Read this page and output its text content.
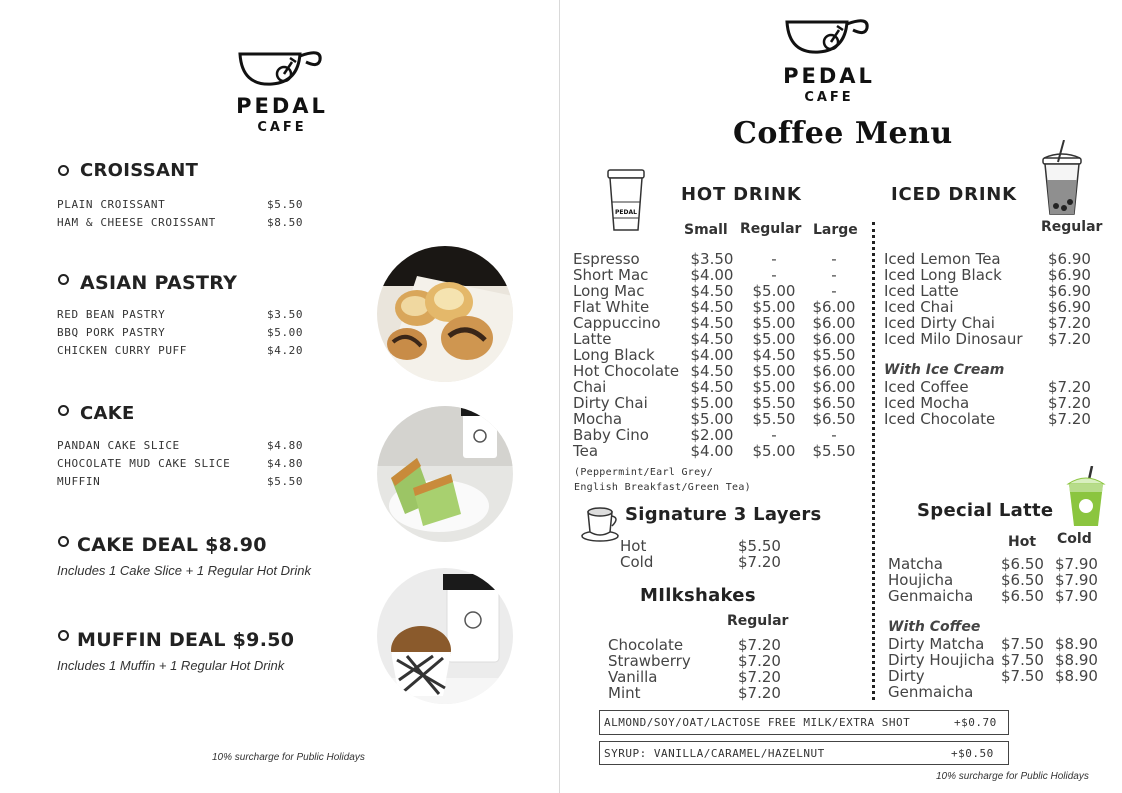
PEDAL
CAFE
CROISSANT
PLAIN CROISSANT	$5.50
HAM & CHEESE CROISSANT	$8.50
ASIAN PASTRY
RED BEAN PASTRY	$3.50
BBQ PORK PASTRY	$5.00
CHICKEN CURRY PUFF	$4.20
CAKE
PANDAN CAKE SLICE	$4.80
CHOCOLATE MUD CAKE SLICE	$4.80
MUFFIN	$5.50
CAKE DEAL $8.90
Includes 1 Cake Slice + 1 Regular Hot Drink
MUFFIN DEAL $9.50
Includes 1 Muffin + 1 Regular Hot Drink
10% surcharge for Public Holidays
PEDAL
CAFE
Coffee Menu
PEDAL
HOT DRINK
Small Regular Large
Espresso	$3.50	-	-
Short Mac	$4.00	-	-
Long Mac	$4.50 $5.00	-
Flat White	$4.50 $5.00 $6.00
Cappuccino $4.50 $5.00 $6.00
Latte	$4.50 $5.00 $6.00
Long Black $4.00 $4.50 $5.50
Hot Chocolate $4.50 $5.00 $6.00
Chai	$4.50 $5.00 $6.00
Dirty Chai	$5.00 $5.50 $6.50
Mocha	$5.00 $5.50 $6.50
Baby Cino	$2.00	-	-
Tea	$4.00 $5.00 $5.50
(Peppermint/Earl Grey/
English Breakfast/Green Tea)
ICED DRINK
Regular
Iced Lemon Tea	$6.90
Iced Long Black	$6.90
Iced Latte	$6.90
Iced Chai	$6.90
Iced Dirty Chai	$7.20
Iced Milo Dinosaur $7.20
With Ice Cream
Iced Coffee	$7.20
Iced Mocha	$7.20
Iced Chocolate	$7.20
Signature 3 Layers
Hot	$5.50
Cold	$7.20
MIlkshakes
Regular
Chocolate	$7.20
Strawberry	$7.20
Vanilla	$7.20
Mint	$7.20
Special Latte
Hot Cold
Matcha	$6.50 $7.90
Houjicha	$6.50 $7.90
Genmaicha $6.50 $7.90
With Coffee
Dirty Matcha $7.50 $8.90
Dirty Houjicha $7.50 $8.90
Dirty	$7.50 $8.90
Genmaicha
ALMOND/SOY/OAT/LACTOSE FREE MILK/EXTRA SHOT	+$0.70
SYRUP: VANILLA/CARAMEL/HAZELNUT	+$0.50
10% surcharge for Public Holidays
